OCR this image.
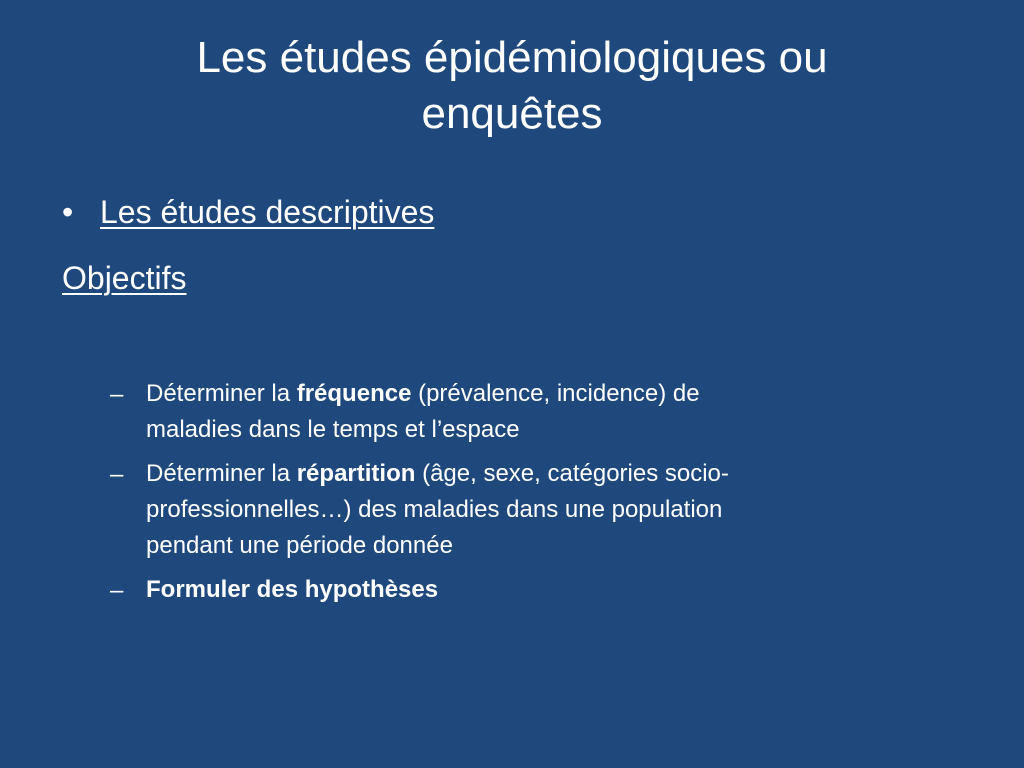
Les études épidémiologiques ou
enquêtes
• Les études descriptives
Objectifs
– Déterminer la fréquence (prévalence, incidence) de
maladies dans le temps et l’espace
– Déterminer la répartition (âge, sexe, catégories socio-
professionnelles…) des maladies dans une population
pendant une période donnée
– Formuler des hypothèses
